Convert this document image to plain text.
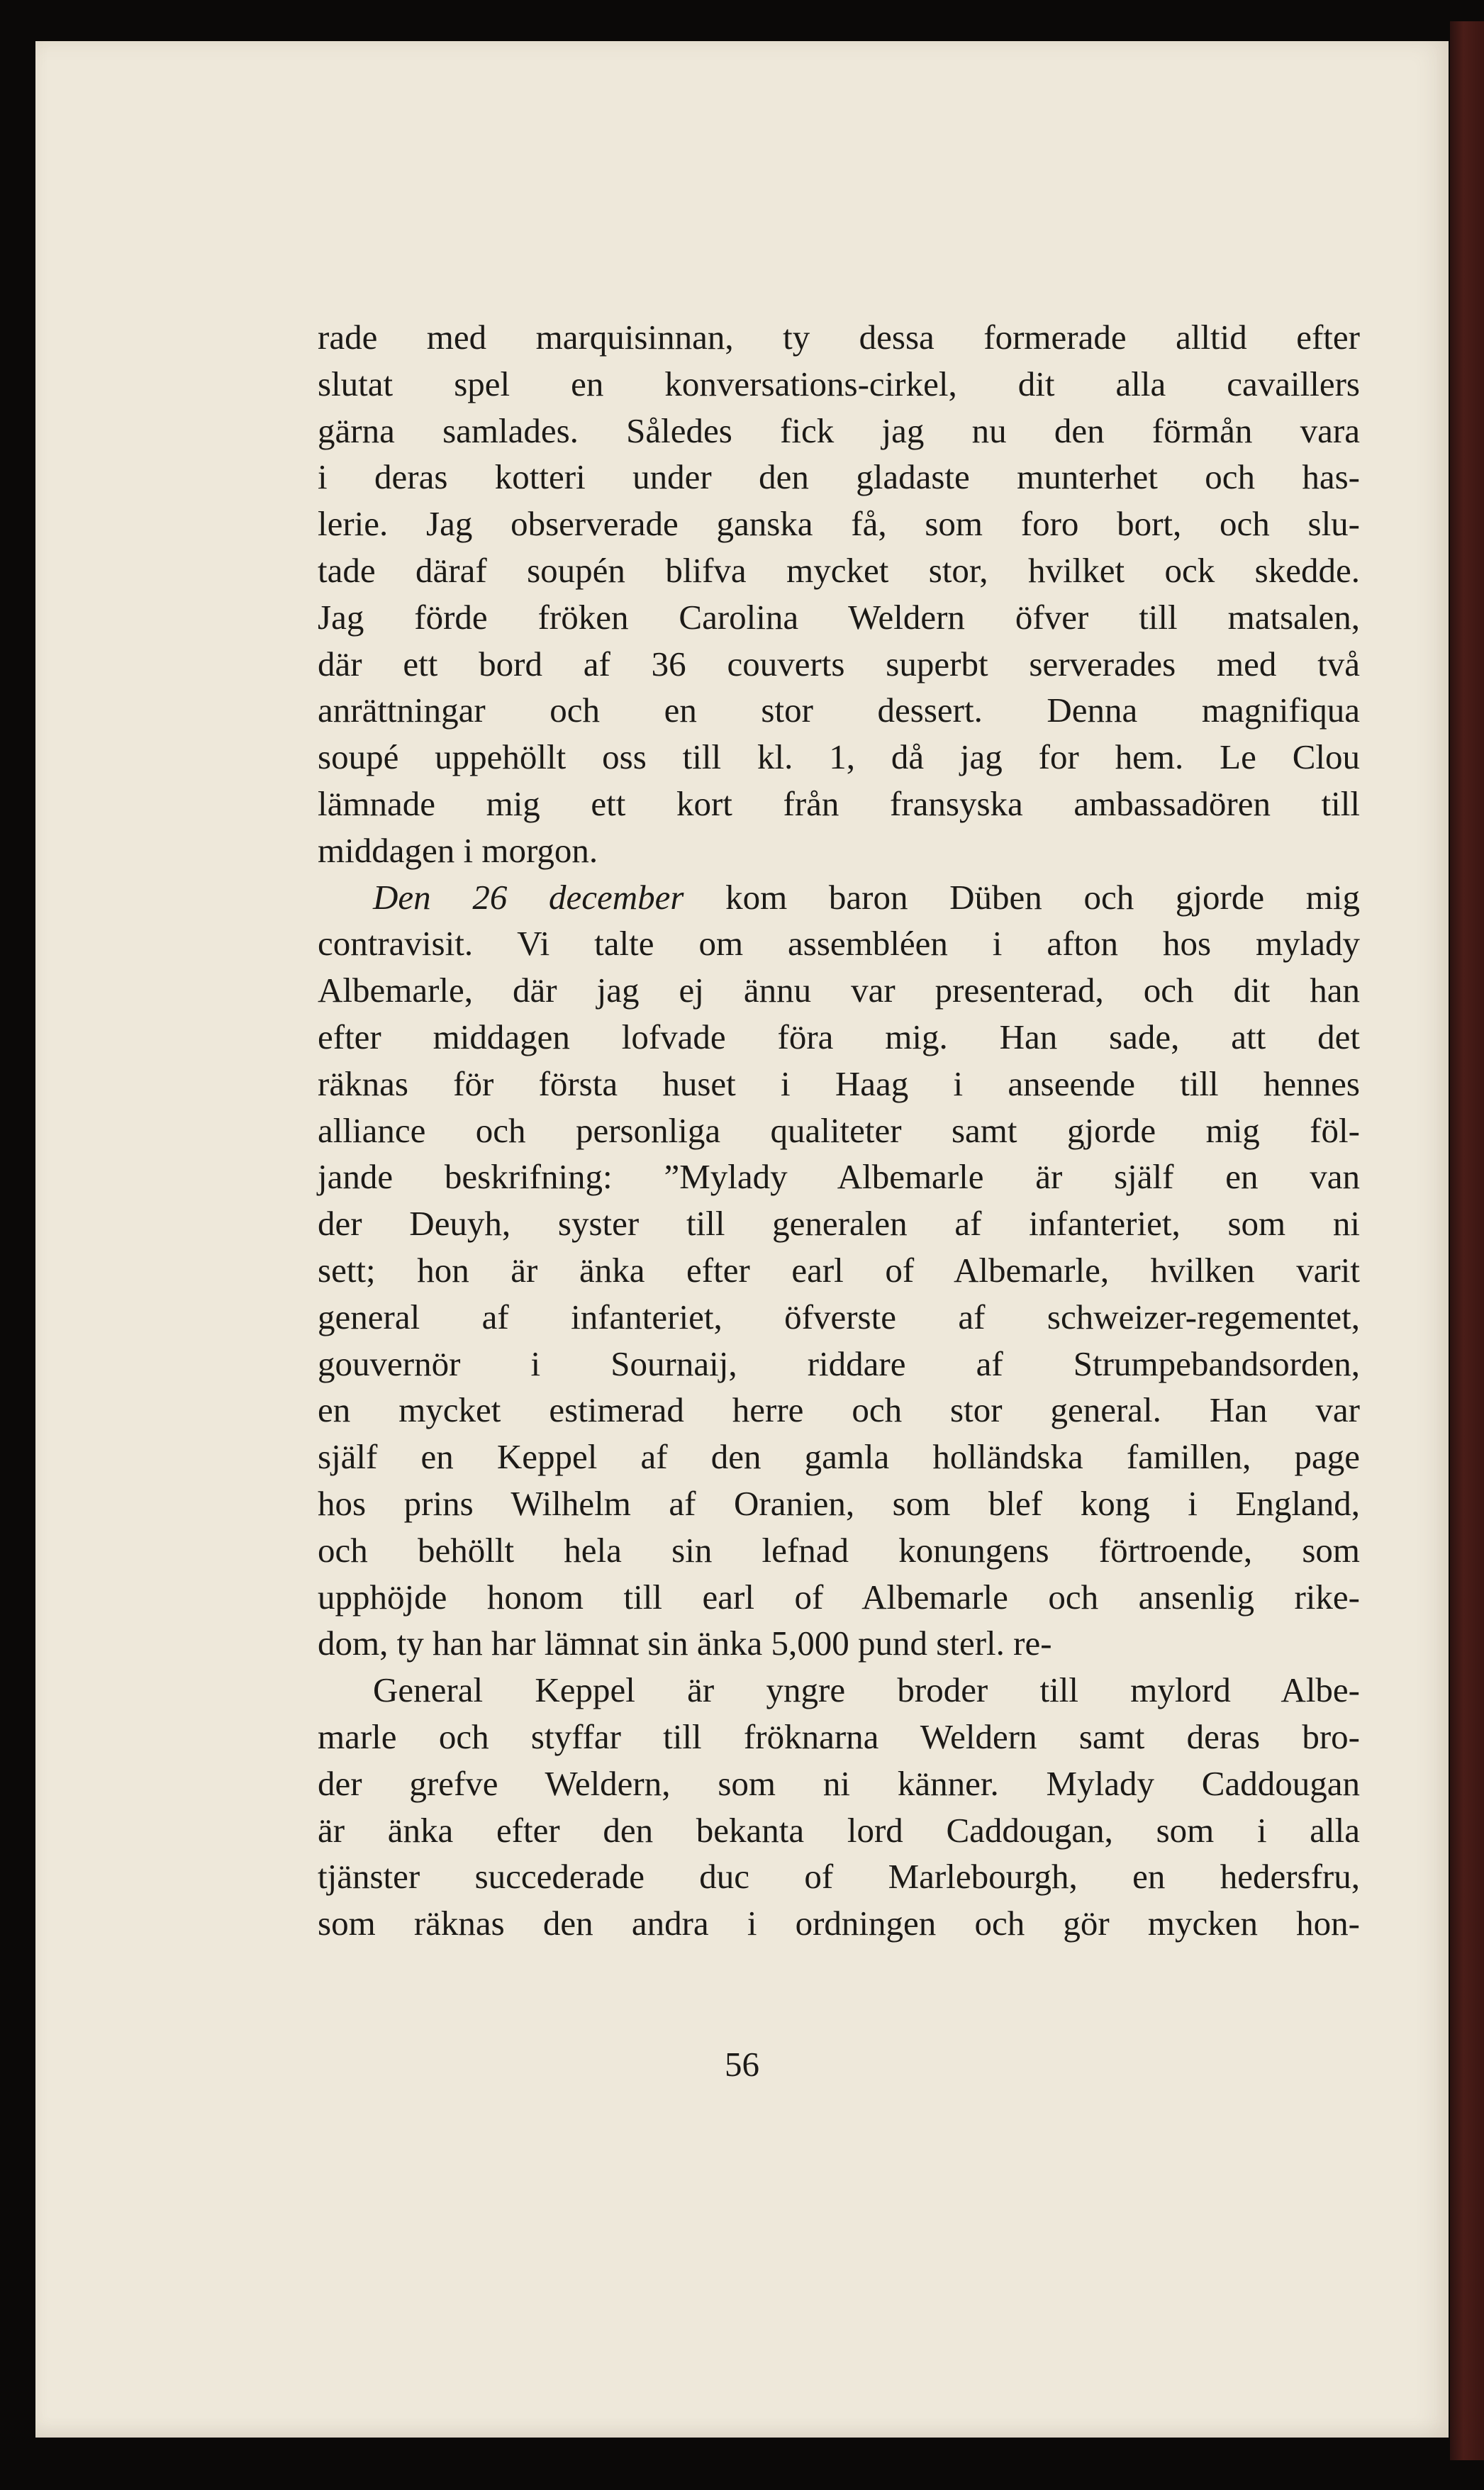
rade med marquisinnan, ty dessa formerade alltid efter
slutat spel en konversations-cirkel, dit alla cavaillers
gärna samlades. Således fick jag nu den förmån vara
i deras kotteri under den gladaste munterhet och has-
lerie. Jag observerade ganska få, som foro bort, och slu-
tade däraf soupén blifva mycket stor, hvilket ock skedde.
Jag förde fröken Carolina Weldern öfver till matsalen,
där ett bord af 36 couverts superbt serverades med två
anrättningar och en stor dessert. Denna magnifiqua
soupé uppehöllt oss till kl. 1, då jag for hem. Le Clou
lämnade mig ett kort från fransyska ambassadören till
middagen i morgon.

Den 26 december kom baron Düben och gjorde mig
contravisit. Vi talte om assembléen i afton hos mylady
Albemarle, där jag ej ännu var presenterad, och dit han
efter middagen lofvade föra mig. Han sade, att det
räknas för första huset i Haag i anseende till hennes
alliance och personliga qualiteter samt gjorde mig föl-
jande beskrifning: ”Mylady Albemarle är själf en van
der Deuyh, syster till generalen af infanteriet, som ni
sett; hon är änka efter earl of Albemarle, hvilken varit
general af infanteriet, öfverste af schweizer-regementet,
gouvernör i Sournaij, riddare af Strumpebandsorden,
en mycket estimerad herre och stor general. Han var
själf en Keppel af den gamla holländska famillen, page
hos prins Wilhelm af Oranien, som blef kong i England,
och behöllt hela sin lefnad konungens förtroende, som
upphöjde honom till earl of Albemarle och ansenlig rike-
dom, ty han har lämnat sin änka 5,000 pund sterl. re-

General Keppel är yngre broder till mylord Albe-
marle och styffar till fröknarna Weldern samt deras bro-
der grefve Weldern, som ni känner. Mylady Caddougan
är änka efter den bekanta lord Caddougan, som i alla
tjänster succederade duc of Marlebourgh, en hedersfru,
som räknas den andra i ordningen och gör mycken hon-

56
